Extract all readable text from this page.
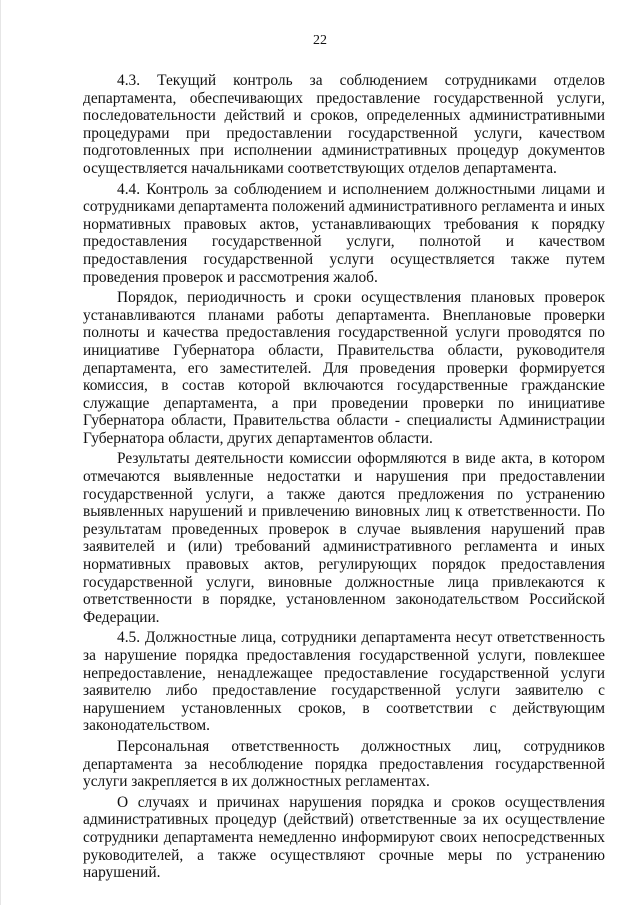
22

4.3. Текущий контроль за соблюдением сотрудниками отделов департамента, обеспечивающих предоставление государственной услуги, последовательности действий и сроков, определенных административными процедурами при предоставлении государственной услуги, качеством подготовленных при исполнении административных процедур документов осуществляется начальниками соответствующих отделов департамента.

4.4. Контроль за соблюдением и исполнением должностными лицами и сотрудниками департамента положений административного регламента и иных нормативных правовых актов, устанавливающих требования к порядку предоставления государственной услуги, полнотой и качеством предоставления государственной услуги осуществляется также путем проведения проверок и рассмотрения жалоб.

Порядок, периодичность и сроки осуществления плановых проверок устанавливаются планами работы департамента. Внеплановые проверки полноты и качества предоставления государственной услуги проводятся по инициативе Губернатора области, Правительства области, руководителя департамента, его заместителей. Для проведения проверки формируется комиссия, в состав которой включаются государственные гражданские служащие департамента, а при проведении проверки по инициативе Губернатора области, Правительства области - специалисты Администрации Губернатора области, других департаментов области.

Результаты деятельности комиссии оформляются в виде акта, в котором отмечаются выявленные недостатки и нарушения при предоставлении государственной услуги, а также даются предложения по устранению выявленных нарушений и привлечению виновных лиц к ответственности. По результатам проведенных проверок в случае выявления нарушений прав заявителей и (или) требований административного регламента и иных нормативных правовых актов, регулирующих порядок предоставления государственной услуги, виновные должностные лица привлекаются к ответственности в порядке, установленном законодательством Российской Федерации.

4.5. Должностные лица, сотрудники департамента несут ответственность за нарушение порядка предоставления государственной услуги, повлекшее непредоставление, ненадлежащее предоставление государственной услуги заявителю либо предоставление государственной услуги заявителю с нарушением установленных сроков, в соответствии с действующим законодательством.

Персональная ответственность должностных лиц, сотрудников департамента за несоблюдение порядка предоставления государственной услуги закрепляется в их должностных регламентах.

О случаях и причинах нарушения порядка и сроков осуществления административных процедур (действий) ответственные за их осуществление сотрудники департамента немедленно информируют своих непосредственных руководителей, а также осуществляют срочные меры по устранению нарушений.
